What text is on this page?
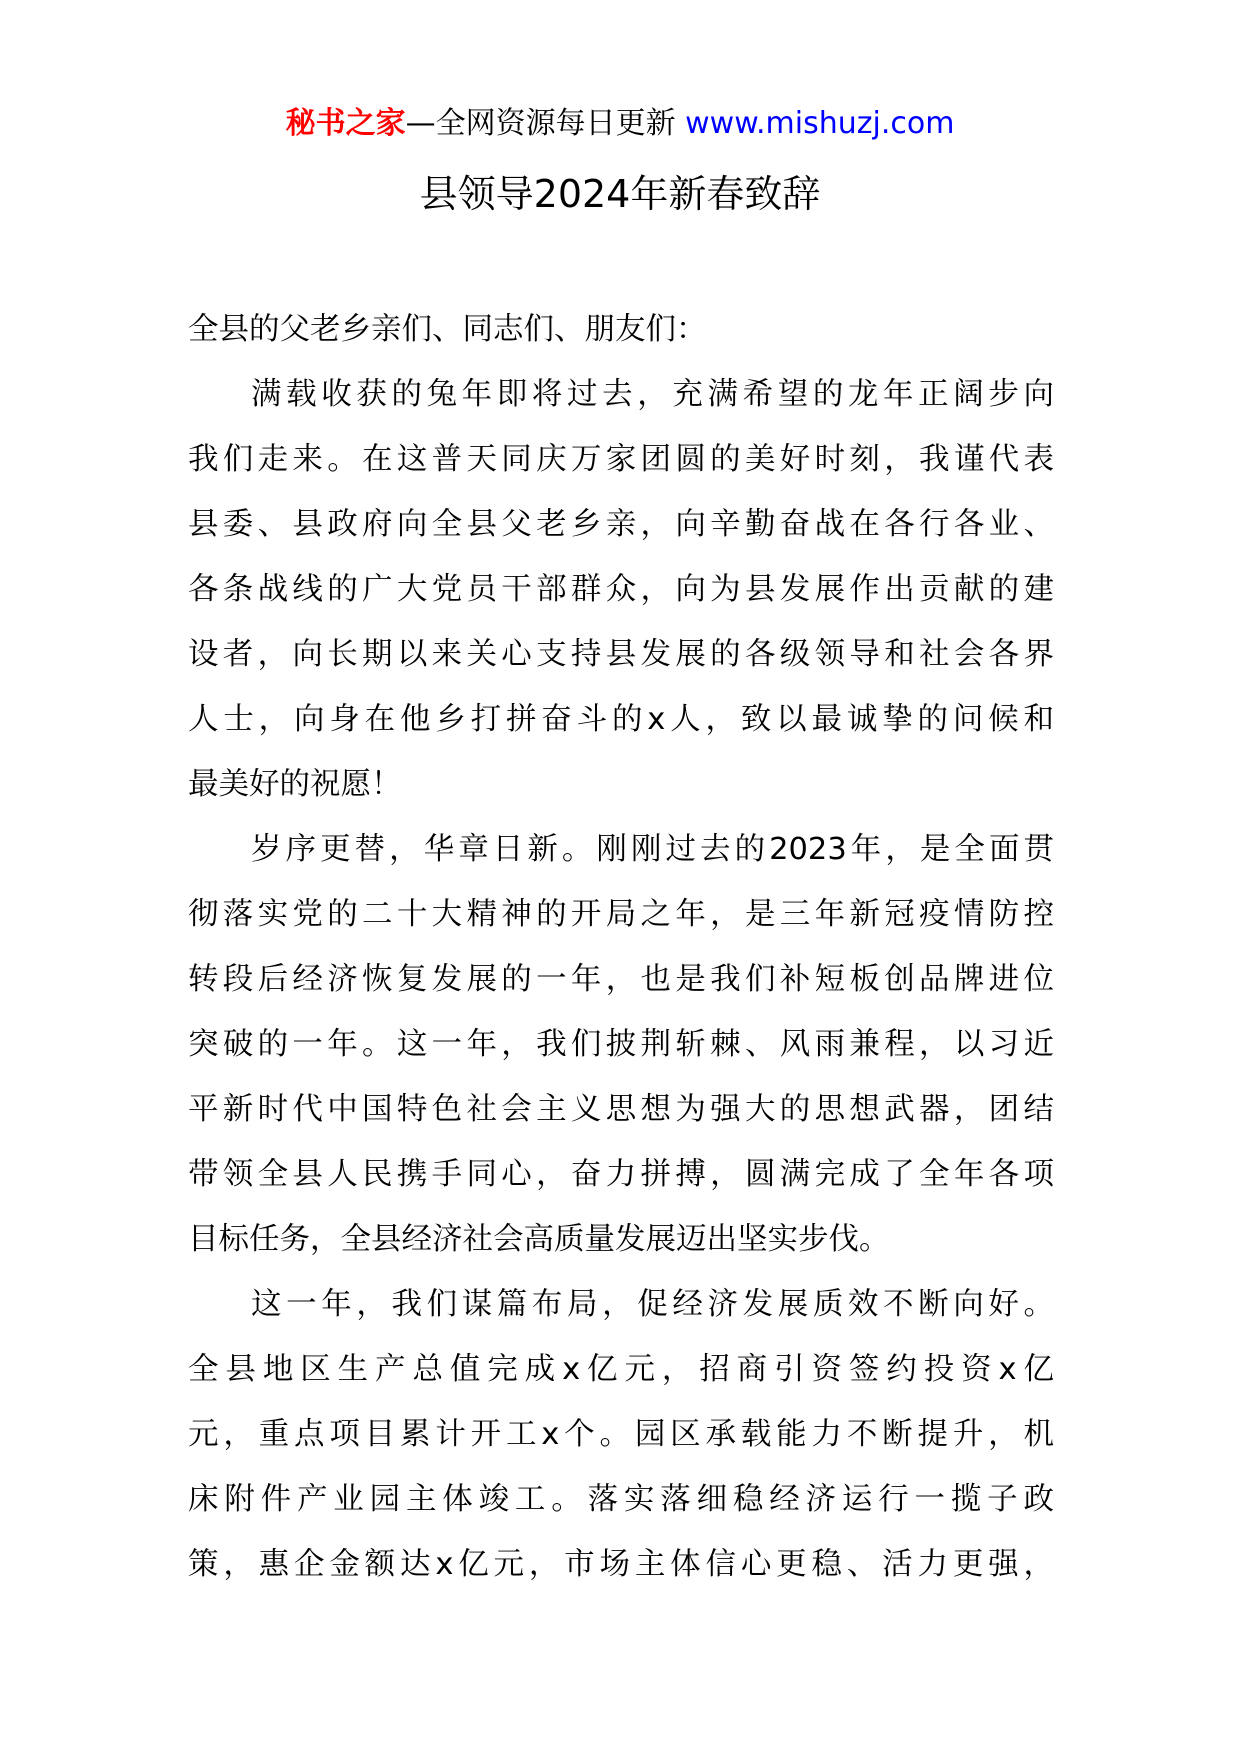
秘书之家—全网资源每日更新 www.mishuzj.com
县领导2024年新春致辞
全县的父老乡亲们、同志们、朋友们：
满载收获的兔年即将过去，充满希望的龙年正阔步向
我们走来。在这普天同庆万家团圆的美好时刻，我谨代表
县委、县政府向全县父老乡亲，向辛勤奋战在各行各业、
各条战线的广大党员干部群众，向为县发展作出贡献的建
设者，向长期以来关心支持县发展的各级领导和社会各界
人士，向身在他乡打拼奋斗的x人，致以最诚挚的问候和
最美好的祝愿！
岁序更替，华章日新。刚刚过去的2023年，是全面贯
彻落实党的二十大精神的开局之年，是三年新冠疫情防控
转段后经济恢复发展的一年，也是我们补短板创品牌进位
突破的一年。这一年，我们披荆斩棘、风雨兼程，以习近
平新时代中国特色社会主义思想为强大的思想武器，团结
带领全县人民携手同心，奋力拼搏，圆满完成了全年各项
目标任务，全县经济社会高质量发展迈出坚实步伐。
这一年，我们谋篇布局，促经济发展质效不断向好。
全县地区生产总值完成x亿元，招商引资签约投资x亿
元，重点项目累计开工x个。园区承载能力不断提升，机
床附件产业园主体竣工。落实落细稳经济运行一揽子政
策，惠企金额达x亿元，市场主体信心更稳、活力更强，
